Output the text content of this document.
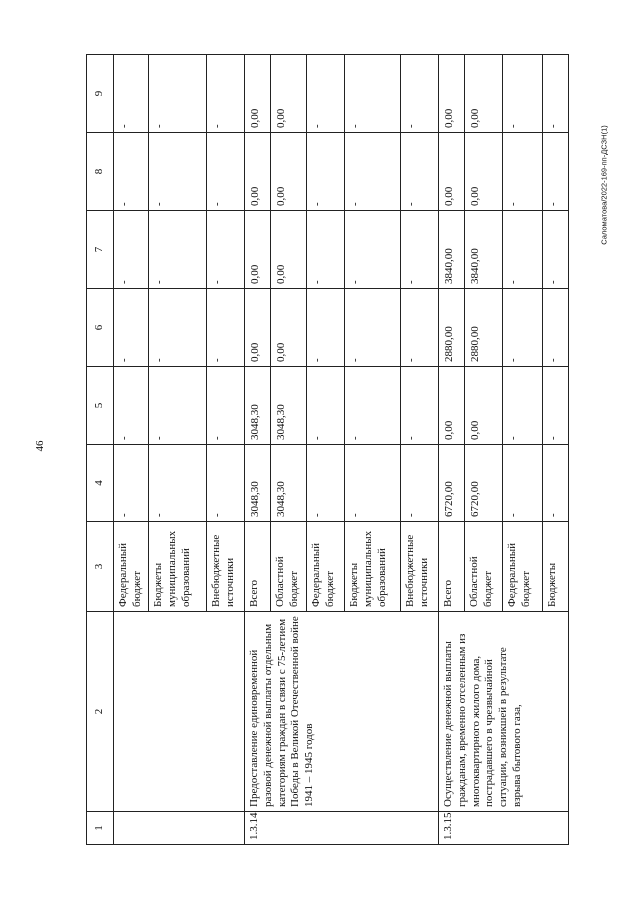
46
Саломатова/2022-169-пп-ДСЗН(1)
1	2	3	4	5	6	7	8	9
		Федеральный бюджет	-	-	-	-	-	-
		Бюджеты муниципальных образований	-	-	-	-	-	-
		Внебюджетные источники	-	-	-	-	-	-
1.3.14	Предоставление единовременной разовой денежной выплаты отдельным категориям граждан в связи с 75-летием Победы в Великой Отечественной войне 1941 – 1945 годов	Всего	3048,30	3048,30	0,00	0,00	0,00	0,00
		Областной бюджет	3048,30	3048,30	0,00	0,00	0,00	0,00
		Федеральный бюджет	-	-	-	-	-	-
		Бюджеты муниципальных образований	-	-	-	-	-	-
		Внебюджетные источники	-	-	-	-	-	-
1.3.15	Осуществление денежной выплаты гражданам, временно отселенным из многоквартирного жилого дома, пострадавшего в чрезвычайной ситуации, возникшей в результате взрыва бытового газа,	Всего	6720,00	0,00	2880,00	3840,00	0,00	0,00
		Областной бюджет	6720,00	0,00	2880,00	3840,00	0,00	0,00
		Федеральный бюджет	-	-	-	-	-	-
		Бюджеты	-	-	-	-	-	-
